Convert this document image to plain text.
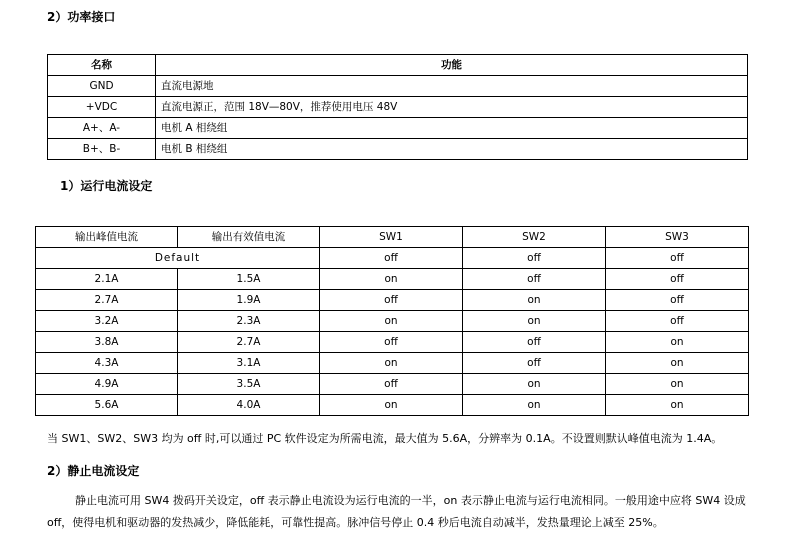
2）功率接口
名称	功能
GND	直流电源地
+VDC	直流电源正，范围 18V—80V，推荐使用电压 48V
A+、A-	电机 A 相绕组
B+、B-	电机 B 相绕组
1）运行电流设定
输出峰值电流	输出有效值电流	SW1	SW2	SW3
Default		off	off	off
2.1A	1.5A	on	off	off
2.7A	1.9A	off	on	off
3.2A	2.3A	on	on	off
3.8A	2.7A	off	off	on
4.3A	3.1A	on	off	on
4.9A	3.5A	off	on	on
5.6A	4.0A	on	on	on
当 SW1、SW2、SW3 均为 off 时,可以通过 PC 软件设定为所需电流，最大值为 5.6A，分辨率为 0.1A。不设置则默认峰值电流为 1.4A。
2）静止电流设定

静止电流可用 SW4 拨码开关设定，off 表示静止电流设为运行电流的一半，on 表示静止电流与运行电流相同。一般用途中应将 SW4 设成 off，使得电机和驱动器的发热减少，降低能耗，可靠性提高。脉冲信号停止 0.4 秒后电流自动减半，发热量理论上减至 25%。
